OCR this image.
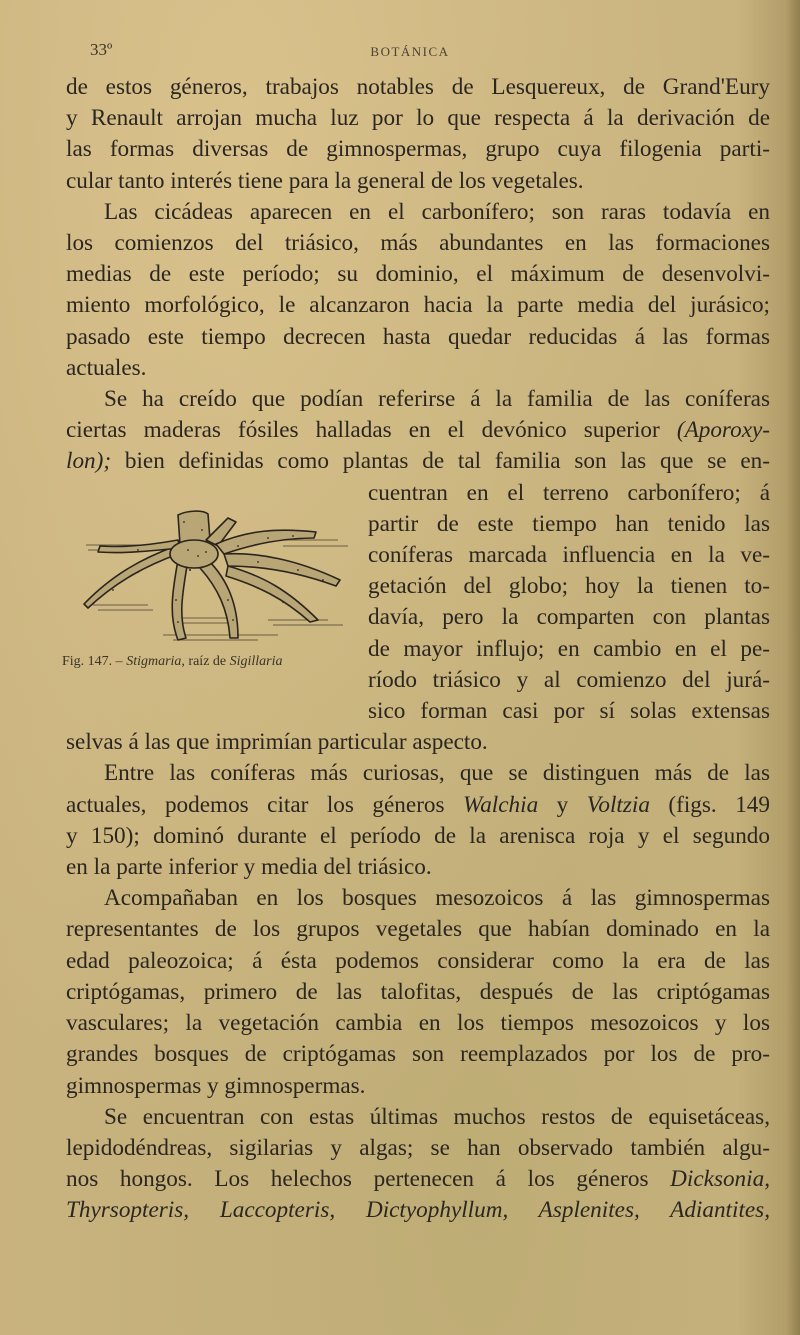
33º	BOTÁNICA

de estos géneros, trabajos notables de Lesquereux, de Grand'Eury
y Renault arrojan mucha luz por lo que respecta á la derivación de
las formas diversas de gimnospermas, grupo cuya filogenia parti-
cular tanto interés tiene para la general de los vegetales.

Las cicádeas aparecen en el carbonífero; son raras todavía en
los comienzos del triásico, más abundantes en las formaciones
medias de este período; su dominio, el máximum de desenvolvi-
miento morfológico, le alcanzaron hacia la parte media del jurásico;
pasado este tiempo decrecen hasta quedar reducidas á las formas
actuales.

Se ha creído que podían referirse á la familia de las coníferas
ciertas maderas fósiles halladas en el devónico superior (Aporoxy-
lon); bien definidas como plantas de tal familia son las que se en-
cuentran en el terreno carbonífero; á
partir de este tiempo han tenido las
coníferas marcada influencia en la ve-
getación del globo; hoy la tienen to-
davía, pero la comparten con plantas
de mayor influjo; en cambio en el pe-
ríodo triásico y al comienzo del jurá-
sico forman casi por sí solas extensas
selvas á las que imprimían particular aspecto.

Entre las coníferas más curiosas, que se distinguen más de las
actuales, podemos citar los géneros Walchia y Voltzia (figs. 149
y 150); dominó durante el período de la arenisca roja y el segundo
en la parte inferior y media del triásico.

Acompañaban en los bosques mesozoicos á las gimnospermas
representantes de los grupos vegetales que habían dominado en la
edad paleozoica; á ésta podemos considerar como la era de las
criptógamas, primero de las talofitas, después de las criptógamas
vasculares; la vegetación cambia en los tiempos mesozoicos y los
grandes bosques de criptógamas son reemplazados por los de pro-
gimnospermas y gimnospermas.

Se encuentran con estas últimas muchos restos de equisetáceas,
lepidodéndreas, sigilarias y algas; se han observado también algu-
nos hongos. Los helechos pertenecen á los géneros Dicksonia,
Thyrsopteris, Laccopteris, Dictyophyllum, Asplenites, Adiantites,

Fig. 147. – Stigmaria, raíz de Sigillaria
